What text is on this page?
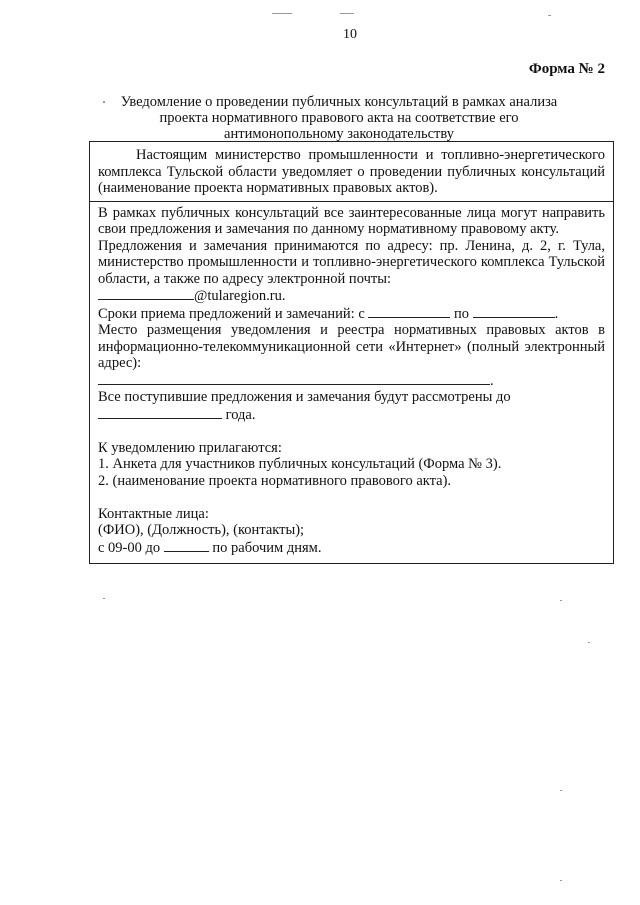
10
Форма № 2
Уведомление о проведении публичных консультаций в рамках анализа
проекта нормативного правового акта на соответствие его
антимонопольному законодательству

Настоящим министерство промышленности и топливно-энергетического комплекса Тульской области уведомляет о проведении публичных консультаций (наименование проекта нормативных правовых актов).

В рамках публичных консультаций все заинтересованные лица могут направить свои предложения и замечания по данному нормативному правовому акту.

Предложения и замечания принимаются по адресу: пр. Ленина, д. 2, г. Тула, министерство промышленности и топливно-энергетического комплекса Тульской области, а также по адресу электронной почты:

@tularegion.ru.

Сроки приема предложений и замечаний: с	по	.

Место размещения уведомления и реестра нормативных правовых актов в информационно-телекоммуникационной сети «Интернет» (полный электронный адрес):

.

Все поступившие предложения и замечания будут рассмотрены до

года.

К уведомлению прилагаются:

1. Анкета для участников публичных консультаций (Форма № 3).

2. (наименование проекта нормативного правового акта).

Контактные лица:

(ФИО), (Должность), (контакты);

с 09-00 до	по рабочим дням.
